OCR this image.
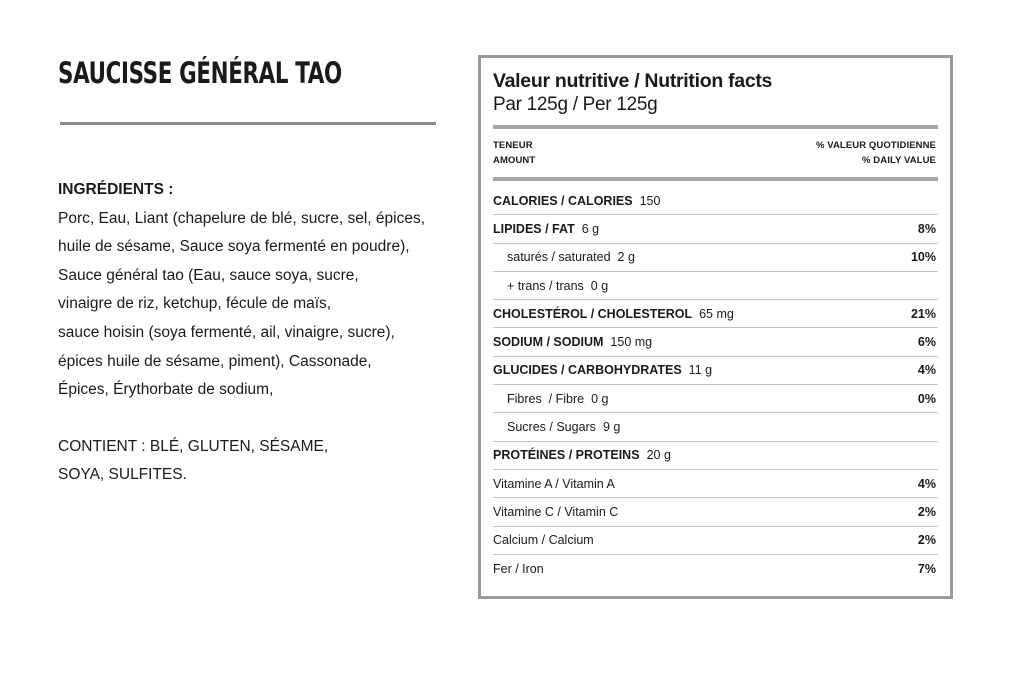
SAUCISSE GÉNÉRAL TAO
INGRÉDIENTS :
Porc, Eau, Liant (chapelure de blé, sucre, sel, épices,
huile de sésame, Sauce soya fermenté en poudre),
Sauce général tao (Eau, sauce soya, sucre,
vinaigre de riz, ketchup, fécule de maïs,
sauce hoisin (soya fermenté, ail, vinaigre, sucre),
épices huile de sésame, piment), Cassonade,
Épices, Érythorbate de sodium,
CONTIENT : BLÉ, GLUTEN, SÉSAME,
SOYA, SULFITES.
Valeur nutritive / Nutrition facts
Par 125g / Per 125g
TENEUR
AMOUNT
% VALEUR QUOTIDIENNE
% DAILY VALUE
CALORIES / CALORIES 150
LIPIDES / FAT 6 g	8%
saturés / saturated 2 g	10%
+ trans / trans 0 g
CHOLESTÉROL / CHOLESTEROL 65 mg	21%
SODIUM / SODIUM 150 mg	6%
GLUCIDES / CARBOHYDRATES 11 g	4%
Fibres  / Fibre 0 g	0%
Sucres / Sugars 9 g
PROTÉINES / PROTEINS 20 g
Vitamine A / Vitamin A	4%
Vitamine C / Vitamin C	2%
Calcium / Calcium	2%
Fer / Iron	7%
